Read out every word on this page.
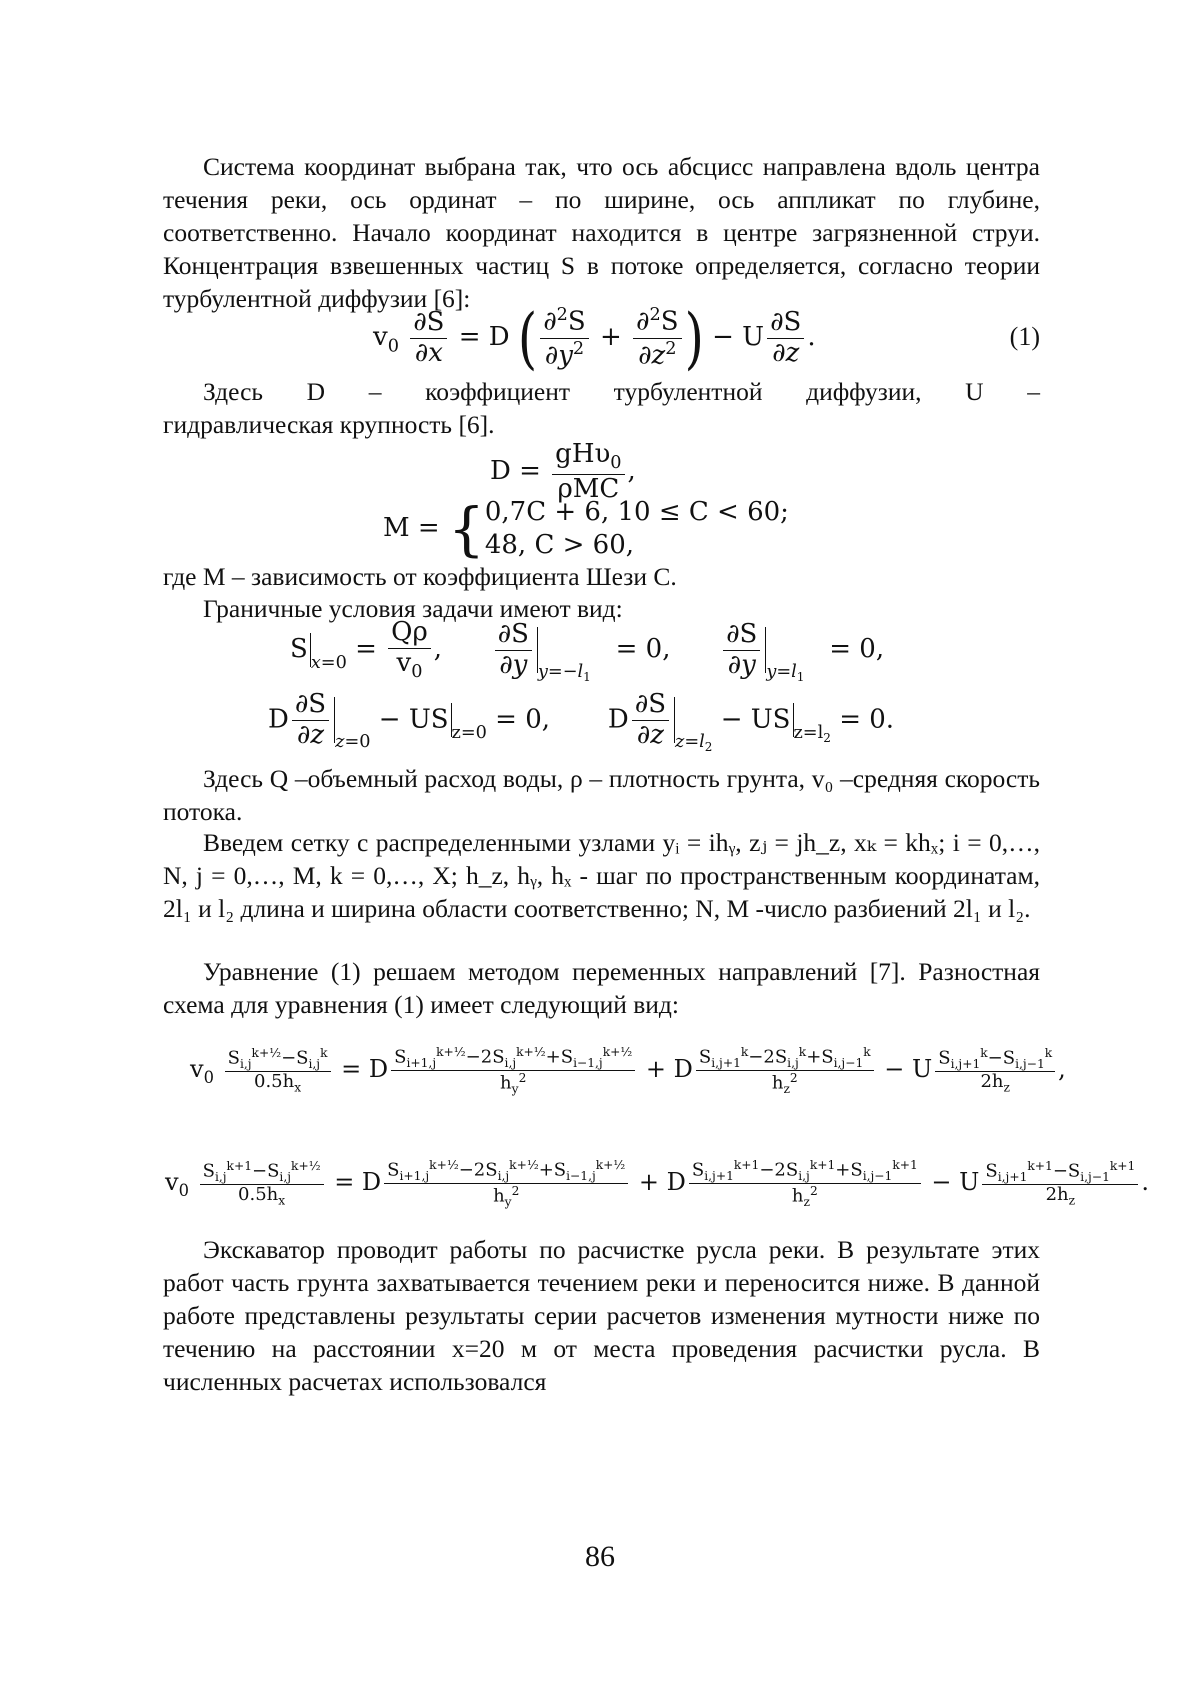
Система координат выбрана так, что ось абсцисс направлена вдоль центра течения реки, ось ординат – по ширине, ось аппликат по глубине, соответственно. Начало координат находится в центре загрязненной струи. Концентрация взвешенных частиц S в потоке определяется, согласно теории турбулентной диффузии [6]:
$v_0 \frac{\partial S}{\partial x} = D$ ( $\frac{\partial^2S}{\partial y^2} + \frac{\partial^2S}{\partial z^2}$ ) − U $\frac{\partial S}{\partial z}$ .	(1)
Здесь D – коэффициент турбулентной диффузии, U –
гидравлическая крупность [6].
$D = \frac{gH\upsilon_0}{\text{ρMC}}$ ,
M = {0,7C + 6, 10 ≤ C < 60;
48, C > 60,
где M – зависимость от коэффициента Шези C.
Граничные условия задачи имеют вид:
S $x=0 = \frac{Q\rho}{v_0}$ , $\frac{\partial S}{\partial y} y=-l_1 = 0$, $\frac{\partial S}{\partial y} y=l_1 = 0$,
D $\frac{\partial S}{\partial z} z=0$ − US z=0 = 0,       D $\frac{\partial S}{\partial z} z=l_2$ − US $z=l_2 = 0$.
Здесь Q –объемный расход воды, ρ – плотность грунта, v₀ –средняя скорость потока.
Введем сетку с распределенными узлами yᵢ = ihᵧ, zⱼ = jh_z, xₖ = khₓ; i = 0,…, N, j = 0,…, M, k = 0,…, X; h_z, hᵧ, hₓ - шаг по пространственным координатам, 2l₁ и l₂ длина и ширина области соответственно; N, M -число разбиений 2l₁ и l₂.
Уравнение (1) решаем методом переменных направлений [7]. Разностная схема для уравнения (1) имеет следующий вид:
$v_0 \frac{S_{i,j}^{k+\frac{1}{2}}-S_{i,j}^k}{0.5h_x} = D \frac{S_{i+1,j}^{k+\frac{1}{2}}-2S_{i,j}^{k+\frac{1}{2}}+S_{i-1,j}^{k+\frac{1}{2}}}{h_y^2} + D \frac{S_{i,j+1}^k-2S_{i,j}^k+S_{i,j-1}^k}{h_z^2} - U \frac{S_{i,j+1}^k-S_{i,j-1}^k}{2h_z}$ ,
$v_0 \frac{S_{i,j}^{k+1}-S_{i,j}^{k+\frac{1}{2}}}{0.5h_x} = D \frac{S_{i+1,j}^{k+\frac{1}{2}}-2S_{i,j}^{k+\frac{1}{2}}+S_{i-1,j}^{k+\frac{1}{2}}}{h_y^2} + D \frac{S_{i,j+1}^{k+1}-2S_{i,j}^{k+1}+S_{i,j-1}^{k+1}}{h_z^2} - U \frac{S_{i,j+1}^{k+1}-S_{i,j-1}^{k+1}}{2h_z}$ .
Экскаватор проводит работы по расчистке русла реки. В результате этих работ часть грунта захватывается течением реки и переносится ниже. В данной работе представлены результаты серии расчетов изменения мутности ниже по течению на расстоянии x=20 м от места проведения расчистки русла. В численных расчетах использовался
86
